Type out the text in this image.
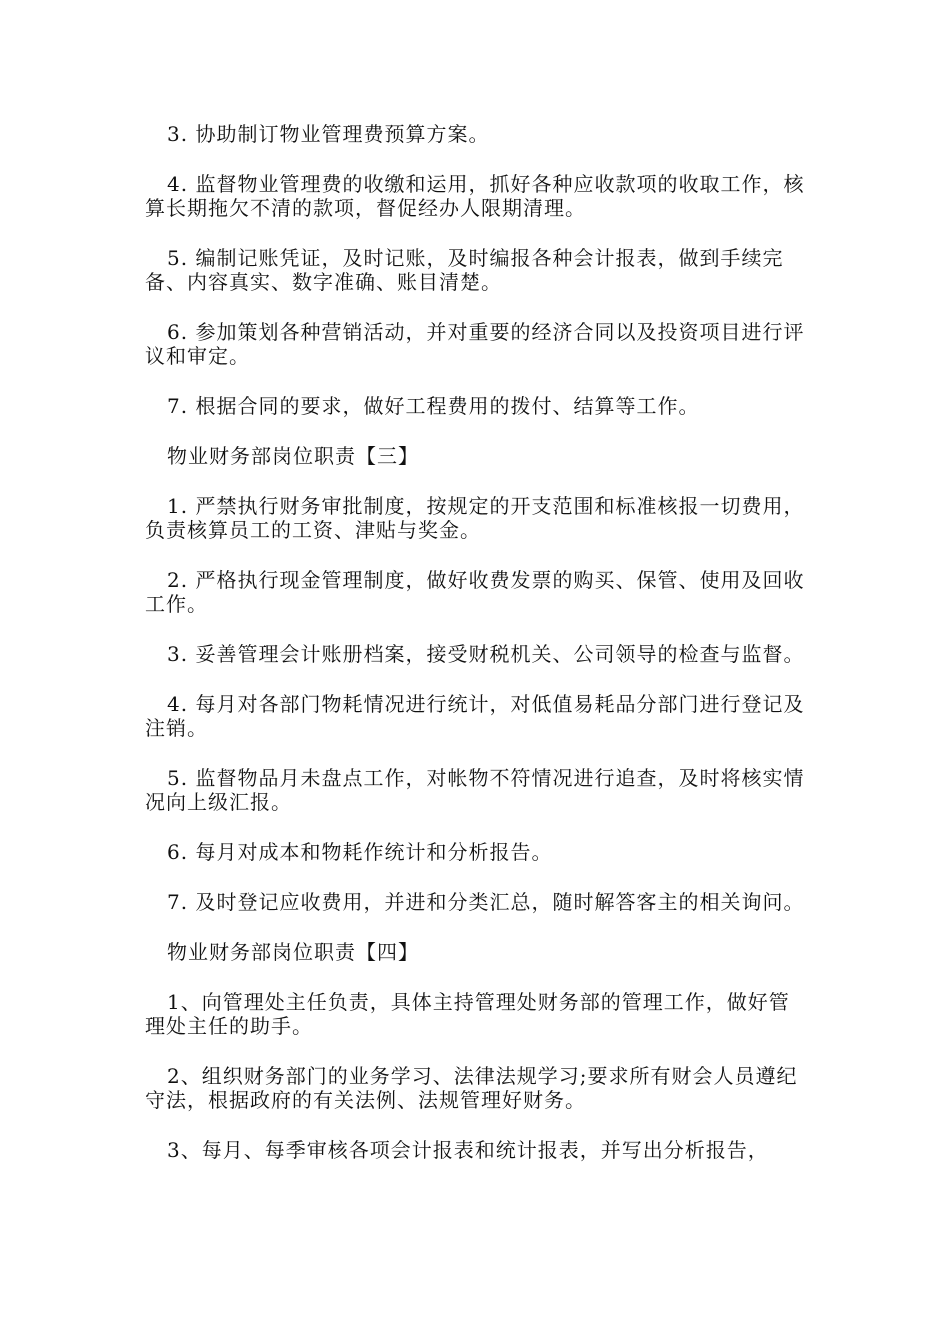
3. 协助制订物业管理费预算方案。

4. 监督物业管理费的收缴和运用，抓好各种应收款项的收取工作，核算长期拖欠不清的款项，督促经办人限期清理。

5. 编制记账凭证，及时记账，及时编报各种会计报表，做到手续完备、内容真实、数字准确、账目清楚。

6. 参加策划各种营销活动，并对重要的经济合同以及投资项目进行评议和审定。

7. 根据合同的要求，做好工程费用的拨付、结算等工作。

物业财务部岗位职责【三】

1. 严禁执行财务审批制度，按规定的开支范围和标准核报一切费用，负责核算员工的工资、津贴与奖金。

2. 严格执行现金管理制度，做好收费发票的购买、保管、使用及回收工作。

3. 妥善管理会计账册档案，接受财税机关、公司领导的检查与监督。

4. 每月对各部门物耗情况进行统计，对低值易耗品分部门进行登记及注销。

5. 监督物品月未盘点工作，对帐物不符情况进行追查，及时将核实情况向上级汇报。

6. 每月对成本和物耗作统计和分析报告。

7. 及时登记应收费用，并进和分类汇总，随时解答客主的相关询问。

物业财务部岗位职责【四】

1、向管理处主任负责，具体主持管理处财务部的管理工作，做好管理处主任的助手。

2、组织财务部门的业务学习、法律法规学习;要求所有财会人员遵纪守法，根据政府的有关法例、法规管理好财务。

3、每月、每季审核各项会计报表和统计报表，并写出分析报告，
